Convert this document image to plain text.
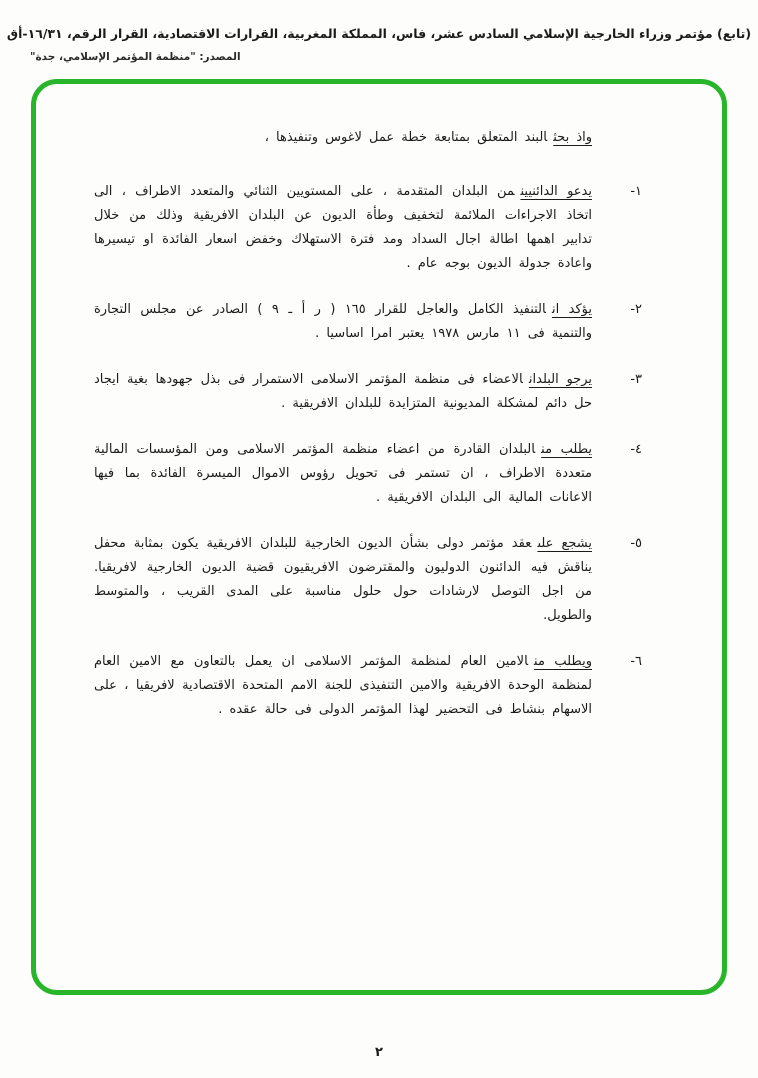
(تابع) مؤتمر وزراء الخارجية الإسلامي السادس عشر، فاس، المملكة المغربية، القرارات الاقتصادية، القرار الرقم، ١٦/٣١-أق
المصدر: "منظمة المؤتمر الإسلامي، جدة"
واذ بحثالبند المتعلق بمتابعة خطة عمل لاغوس وتنفيذها ،
١-
يدعو الدائنيينمن البلدان المتقدمة ، على المستويين الثنائي والمتعدد الاطراف ، الى اتخاذ الاجراءات الملائمة لتخفيف وطأة الديون عن البلدان الافريقية وذلك من خلال تدابير اهمها اطالة اجال السداد ومد فترة الاستهلاك وخفض اسعار الفائدة او تيسيرها واعادة جدولة الديون بوجه عام .
٢-
يؤكد انالتنفيذ الكامل والعاجل للقرار ١٦٥ ( ر أ ـ ٩ ) الصادر عن مجلس التجارة والتنمية فى ١١ مارس ١٩٧٨ يعتبر امرا اساسيا .
٣-
يرجو البلدانالاعضاء فى منظمة المؤتمر الاسلامى الاستمرار فى بذل جهودها بغية ايجاد حل دائم لمشكلة المديونية المتزايدة للبلدان الافريقية .
٤-
يطلب منالبلدان القادرة من اعضاء منظمة المؤتمر الاسلامى ومن المؤسسات المالية متعددة الاطراف ، ان تستمر فى تحويل رؤوس الاموال الميسرة الفائدة بما فيها الاعانات المالية الى البلدان الافريقية .
٥-
يشجع علىعقد مؤتمر دولى بشأن الديون الخارجية للبلدان الافريقية يكون بمثابة محفل يناقش فيه الدائنون الدوليون والمقترضون الافريقيون قضية الديون الخارجية لافريقيا. من اجل التوصل لارشادات حول حلول مناسبة على المدى القريب ، والمتوسط والطويل.
٦-
ويطلب منالامين العام لمنظمة المؤتمر الاسلامى ان يعمل بالتعاون مع الامين العام لمنظمة الوحدة الافريقية والامين التنفيذى للجنة الامم المتحدة الاقتصادية لافريقيا ، على الاسهام بنشاط فى التحضير لهذا المؤتمر الدولى فى حالة عقده .
٢
